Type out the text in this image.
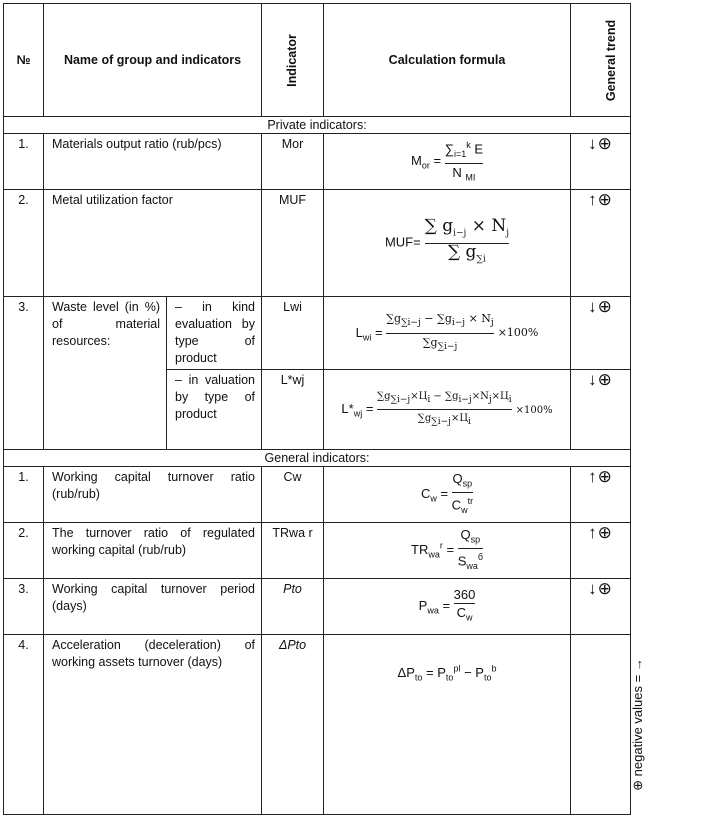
№	Name of group and indicators		Indicator	Calculation formula	General trend
Private indicators:					
1.	Materials output ratio (rub/pcs)		Mor	$M_{or} = \frac{\sum_{i=1}^k E}{N _{MI}}$	↓⊕
2.	Metal utilization factor		MUF	$MUF= \frac{\sum g_{i-j} \times N_j}{\sum g_{\sum i}}$	↑⊕
3.	Waste level (in %) of material resources:	– in kind evaluation by type of product	Lwi	$L_{wi} = \frac{\sum g_{\sum i-j} - \sum g_{i-j} \times N_j}{\sum g_{\sum i-j}} \times 100\%$	↓⊕
		– in valuation by type of product	L*wj	$L*_{wj} = \frac{\sum g_{\sum i-j}\times Ц_i - \sum g_{i-j}\times N_j\times Ц_i}{\sum g_{\sum i-j}\times Ц_i} \times 100\%$	↓⊕
General indicators:					
1.	Working capital turnover ratio (rub/rub)		Cw	$C_w = \frac{Q_{sp}}{C_w^{tr}}$	↑⊕
2.	The turnover ratio of regulated working capital (rub/rub)		TRwa r	$TR_{wa}^r = \frac{Q_{sp}}{S_{wa}^б}$	↑⊕
3.	Working capital turnover period (days)		Pto	$P_{wa} = \frac{360}{C_w}$	↓⊕
4.	Acceleration (deceleration) of working assets turnover (days)		ΔPto	$\Delta P_{to} = P_{to}^{pl} - P_{to}^b$	⊕ negative values = →
